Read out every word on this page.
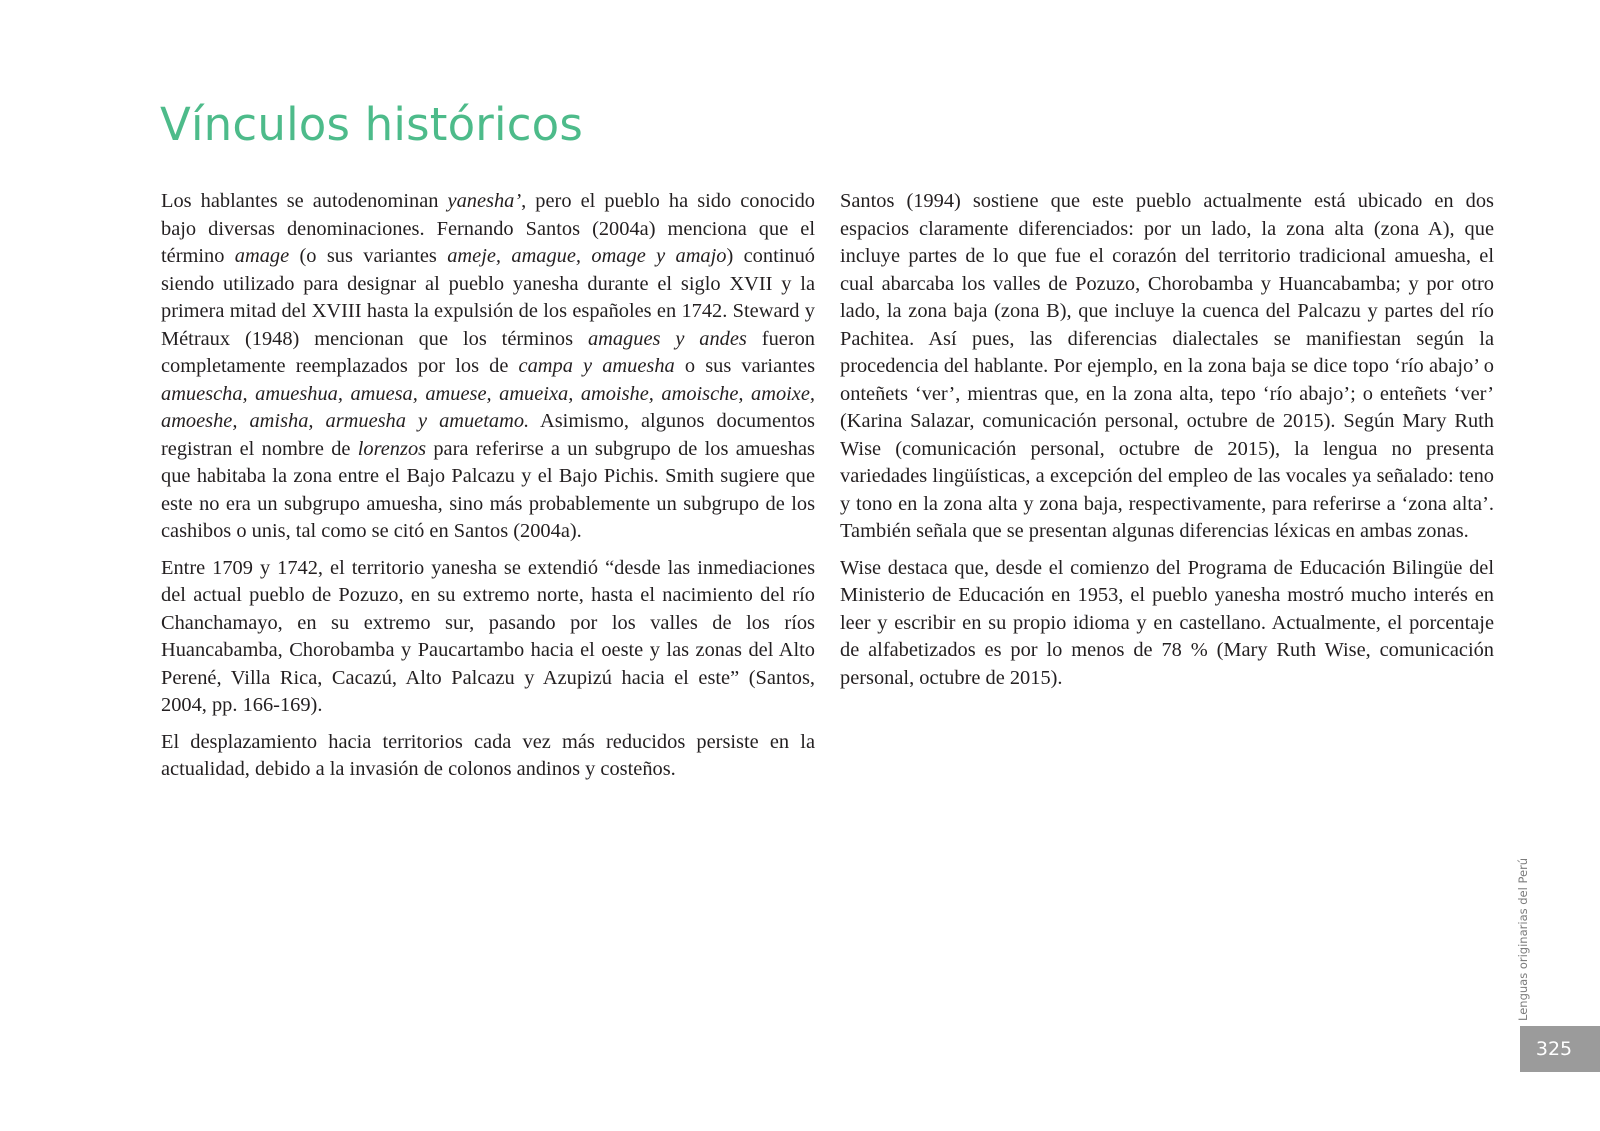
Vínculos históricos

Los hablantes se autodenominan yanesha’, pero el pueblo ha sido conocido bajo diversas denominaciones. Fernando Santos (2004a) menciona que el término amage (o sus variantes ameje, amague, omage y amajo) continuó siendo utilizado para designar al pueblo yanesha durante el siglo XVII y la primera mitad del XVIII hasta la expulsión de los españoles en 1742. Steward y Métraux (1948) mencionan que los términos amagues y andes fueron completamente reemplazados por los de campa y amuesha o sus variantes amuescha, amueshua, amuesa, amuese, amueixa, amoishe, amoische, amoixe, amoeshe, amisha, armuesha y amuetamo. Asimismo, algunos documentos registran el nombre de lorenzos para referirse a un subgrupo de los amueshas que habitaba la zona entre el Bajo Palcazu y el Bajo Pichis. Smith sugiere que este no era un subgrupo amuesha, sino más probablemente un subgrupo de los cashibos o unis, tal como se citó en Santos (2004a).

Entre 1709 y 1742, el territorio yanesha se extendió “desde las inmediaciones del actual pueblo de Pozuzo, en su extremo norte, hasta el nacimiento del río Chanchamayo, en su extremo sur, pasando por los valles de los ríos Huancabamba, Chorobamba y Paucartambo hacia el oeste y las zonas del Alto Perené, Villa Rica, Cacazú, Alto Palcazu y Azupizú hacia el este” (Santos, 2004, pp. 166-169).

El desplazamiento hacia territorios cada vez más reducidos persiste en la actualidad, debido a la invasión de colonos andinos y costeños.

Santos (1994) sostiene que este pueblo actualmente está ubicado en dos espacios claramente diferenciados: por un lado, la zona alta (zona A), que incluye partes de lo que fue el corazón del territorio tradicional amuesha, el cual abarcaba los valles de Pozuzo, Chorobamba y Huancabamba; y por otro lado, la zona baja (zona B), que incluye la cuenca del Palcazu y partes del río Pachitea. Así pues, las diferencias dialectales se manifiestan según la procedencia del hablante. Por ejemplo, en la zona baja se dice topo ‘río abajo’ o onteñets ‘ver’, mientras que, en la zona alta, tepo ‘río abajo’; o enteñets ‘ver’ (Karina Salazar, comunicación personal, octubre de 2015). Según Mary Ruth Wise (comunicación personal, octubre de 2015), la lengua no presenta variedades lingüísticas, a excepción del empleo de las vocales ya señalado: teno y tono en la zona alta y zona baja, respectivamente, para referirse a ‘zona alta’. También señala que se presentan algunas diferencias léxicas en ambas zonas.

Wise destaca que, desde el comienzo del Programa de Educación Bilingüe del Ministerio de Educación en 1953, el pueblo yanesha mostró mucho interés en leer y escribir en su propio idioma y en castellano. Actualmente, el porcentaje de alfabetizados es por lo menos de 78 % (Mary Ruth Wise, comunicación personal, octubre de 2015).

Lenguas originarias del Perú
325
